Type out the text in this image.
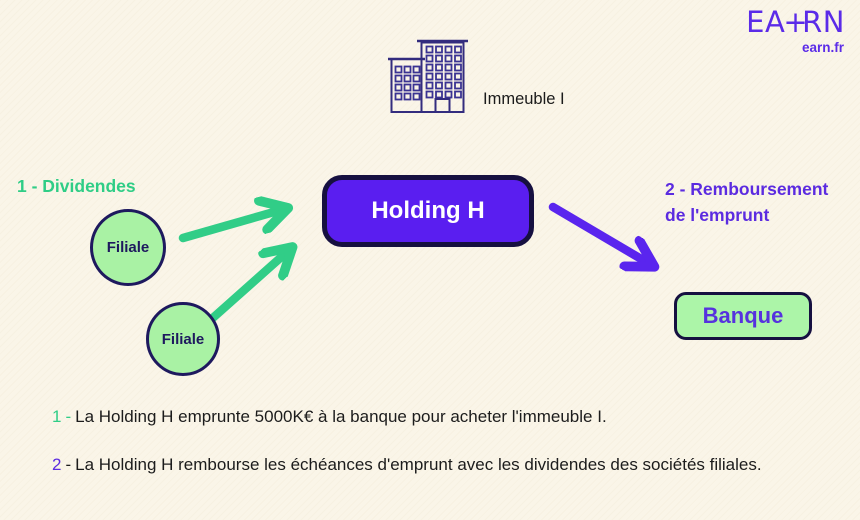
EA+RN
earn.fr
Immeuble I
1 - Dividendes	2 - Remboursement
de l'emprunt
Filiale
Filiale
Holding H
Banque
1 - La Holding H emprunte 5000K€ à la banque pour acheter l'immeuble I.
2 - La Holding H rembourse les échéances d'emprunt avec les dividendes des sociétés filiales.
